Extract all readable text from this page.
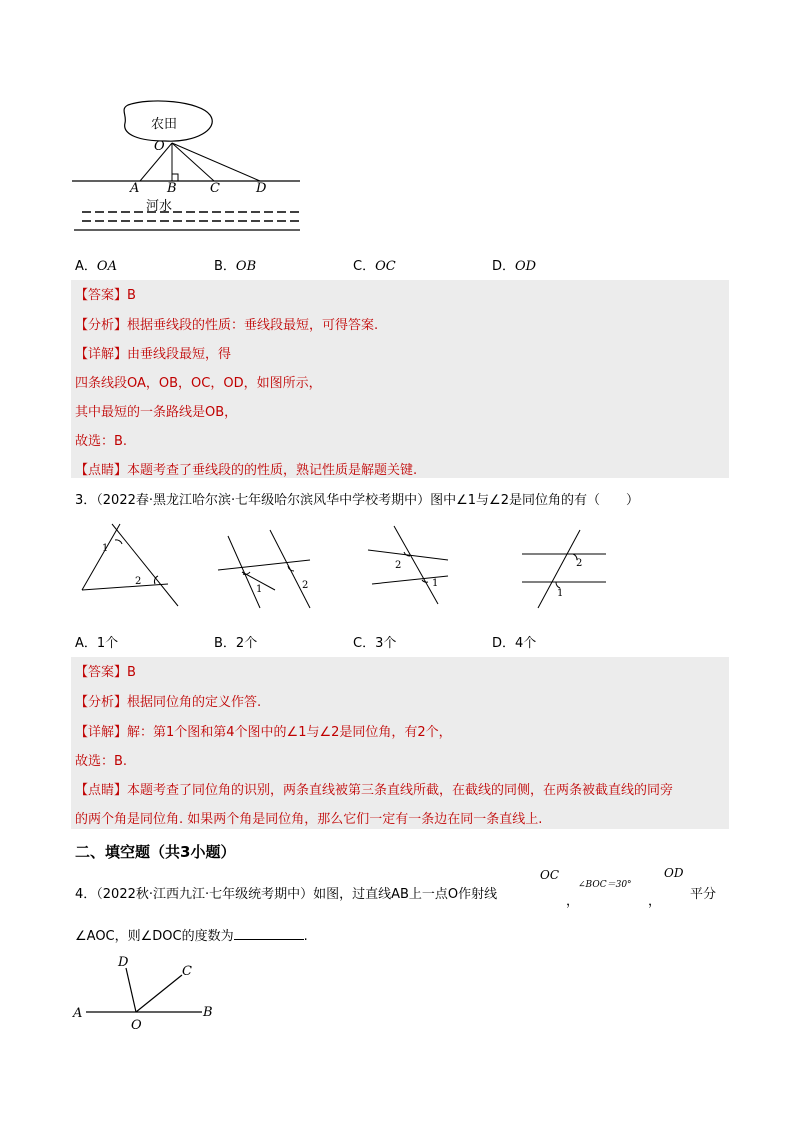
农田
O
A B	C	D
河水
A．OA	B．OB	C．OC	D．OD
【答案】B
【分析】根据垂线段的性质：垂线段最短，可得答案.
【详解】由垂线段最短，得
四条线段OA，OB，OC，OD，如图所示，
其中最短的一条路线是OB，
故选：B.
【点睛】本题考查了垂线段的的性质，熟记性质是解题关键.
3．（2022春·黑龙江哈尔滨·七年级哈尔滨风华中学校考期中）图中∠1与∠2是同位角的有（　　）
1
2
1	2
2
1
2
1
A．1个	B．2个	C．3个	D．4个
【答案】B
【分析】根据同位角的定义作答.
【详解】解：第1个图和第4个图中的∠1与∠2是同位角，有2个，
故选：B.
【点睛】本题考查了同位角的识别，两条直线被第三条直线所截，在截线的同侧，在两条被截直线的同旁
的两个角是同位角. 如果两个角是同位角，那么它们一定有一条边在同一条直线上.
二、填空题（共3小题）
4．（2022秋·江西九江·七年级统考期中）如图，过直线AB上一点O作射线
OC
，
∠BOC＝30°
，
OD
平分
∠AOC，则∠DOC的度数为	.
D
C
A
O
B
